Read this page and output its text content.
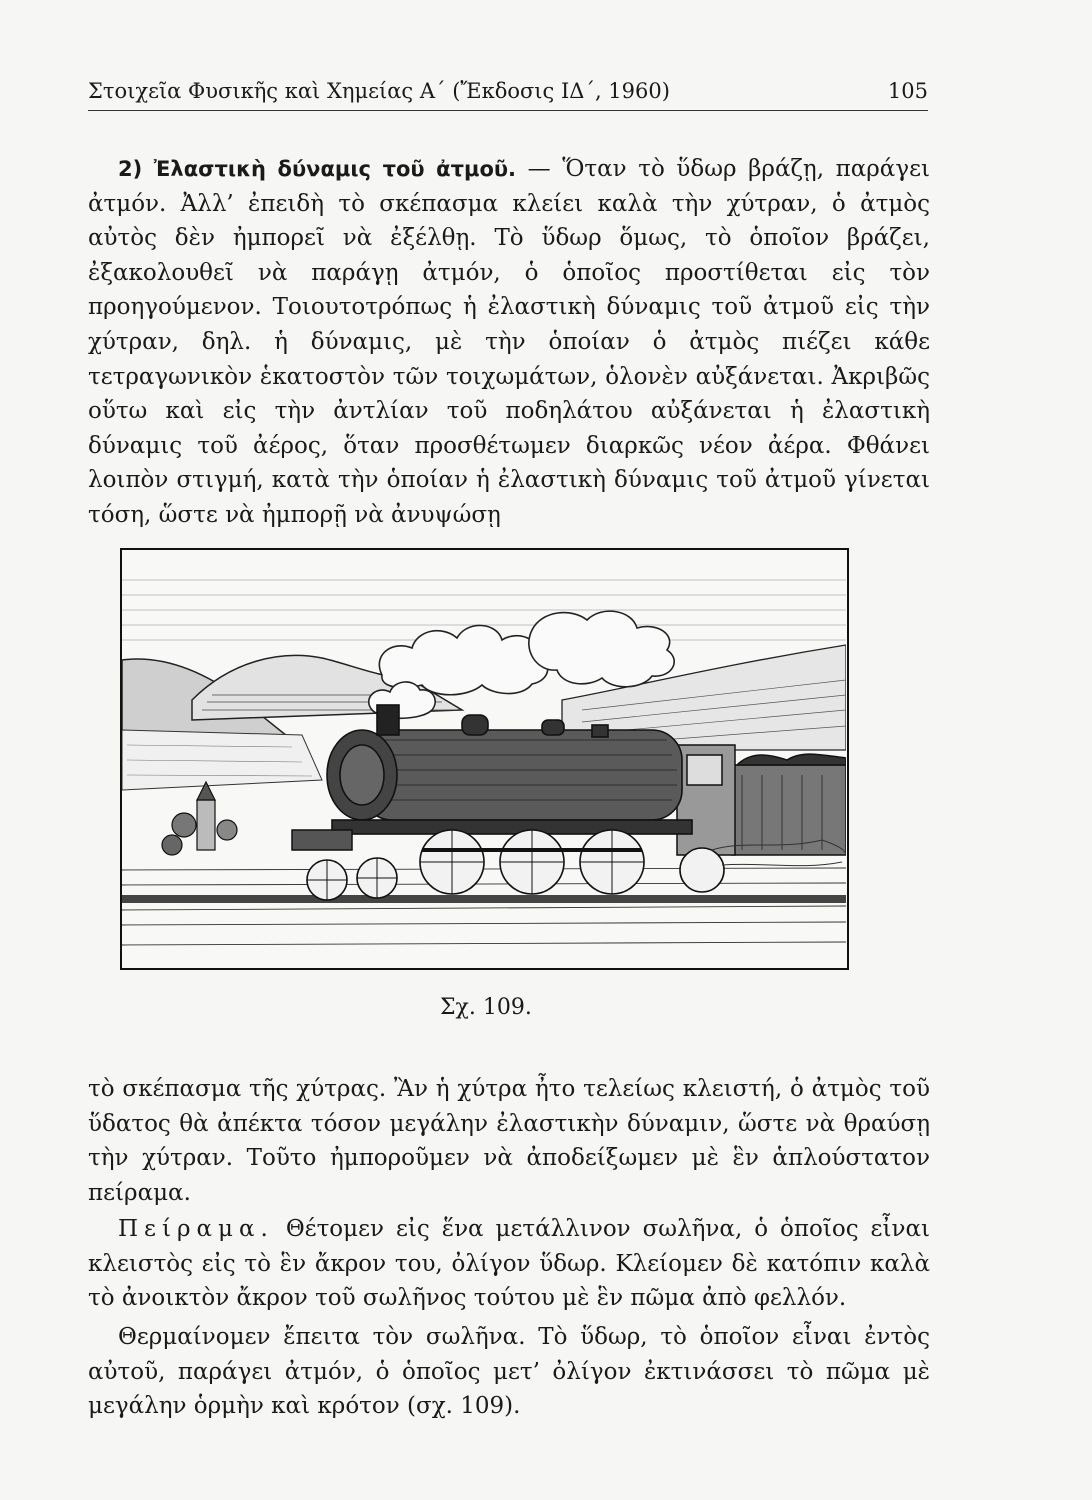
Στοιχεῖα Φυσικῆς καὶ Χημείας Α΄ (Ἔκδοσις ΙΔ΄, 1960)	105

2) Ἐλαστικὴ δύναμις τοῦ ἀτμοῦ. — Ὅταν τὸ ὕδωρ βράζῃ, παράγει ἀτμόν. Ἀλλ’ ἐπειδὴ τὸ σκέπασμα κλείει καλὰ τὴν χύτραν, ὁ ἀτμὸς αὐτὸς δὲν ἠμπορεῖ νὰ ἐξέλθῃ. Τὸ ὕδωρ ὅμως, τὸ ὁποῖον βράζει, ἐξακολουθεῖ νὰ παράγῃ ἀτμόν, ὁ ὁποῖος προστίθεται εἰς τὸν προηγούμενον. Τοιουτοτρόπως ἡ ἐλαστικὴ δύναμις τοῦ ἀτμοῦ εἰς τὴν χύτραν, δηλ. ἡ δύναμις, μὲ τὴν ὁποίαν ὁ ἀτμὸς πιέζει κάθε τετραγωνικὸν ἑκατοστὸν τῶν τοιχωμάτων, ὁλονὲν αὐξάνεται. Ἀκριβῶς οὕτω καὶ εἰς τὴν ἀντλίαν τοῦ ποδηλάτου αὐξάνεται ἡ ἐλαστικὴ δύναμις τοῦ ἀέρος, ὅταν προσθέτωμεν διαρκῶς νέον ἀέρα. Φθάνει λοιπὸν στιγμή, κατὰ τὴν ὁποίαν ἡ ἐλαστικὴ δύναμις τοῦ ἀτμοῦ γίνεται τόση, ὥστε νὰ ἠμπορῇ νὰ ἀνυψώσῃ

Σχ. 109.

τὸ σκέπασμα τῆς χύτρας. Ἂν ἡ χύτρα ἦτο τελείως κλειστή, ὁ ἀτμὸς τοῦ ὕδατος θὰ ἀπέκτα τόσον μεγάλην ἐλαστικὴν δύναμιν, ὥστε νὰ θραύσῃ τὴν χύτραν. Τοῦτο ἠμποροῦμεν νὰ ἀποδείξωμεν μὲ ἓν ἁπλούστατον πείραμα.

Πείραμα. Θέτομεν εἰς ἕνα μετάλλινον σωλῆνα, ὁ ὁποῖος εἶναι κλειστὸς εἰς τὸ ἓν ἄκρον του, ὀλίγον ὕδωρ. Κλείομεν δὲ κατόπιν καλὰ τὸ ἀνοικτὸν ἄκρον τοῦ σωλῆνος τούτου μὲ ἓν πῶμα ἀπὸ φελλόν.

Θερμαίνομεν ἔπειτα τὸν σωλῆνα. Τὸ ὕδωρ, τὸ ὁποῖον εἶναι ἐντὸς αὐτοῦ, παράγει ἀτμόν, ὁ ὁποῖος μετ’ ὀλίγον ἐκτινάσσει τὸ πῶμα μὲ μεγάλην ὁρμὴν καὶ κρότον (σχ. 109).
